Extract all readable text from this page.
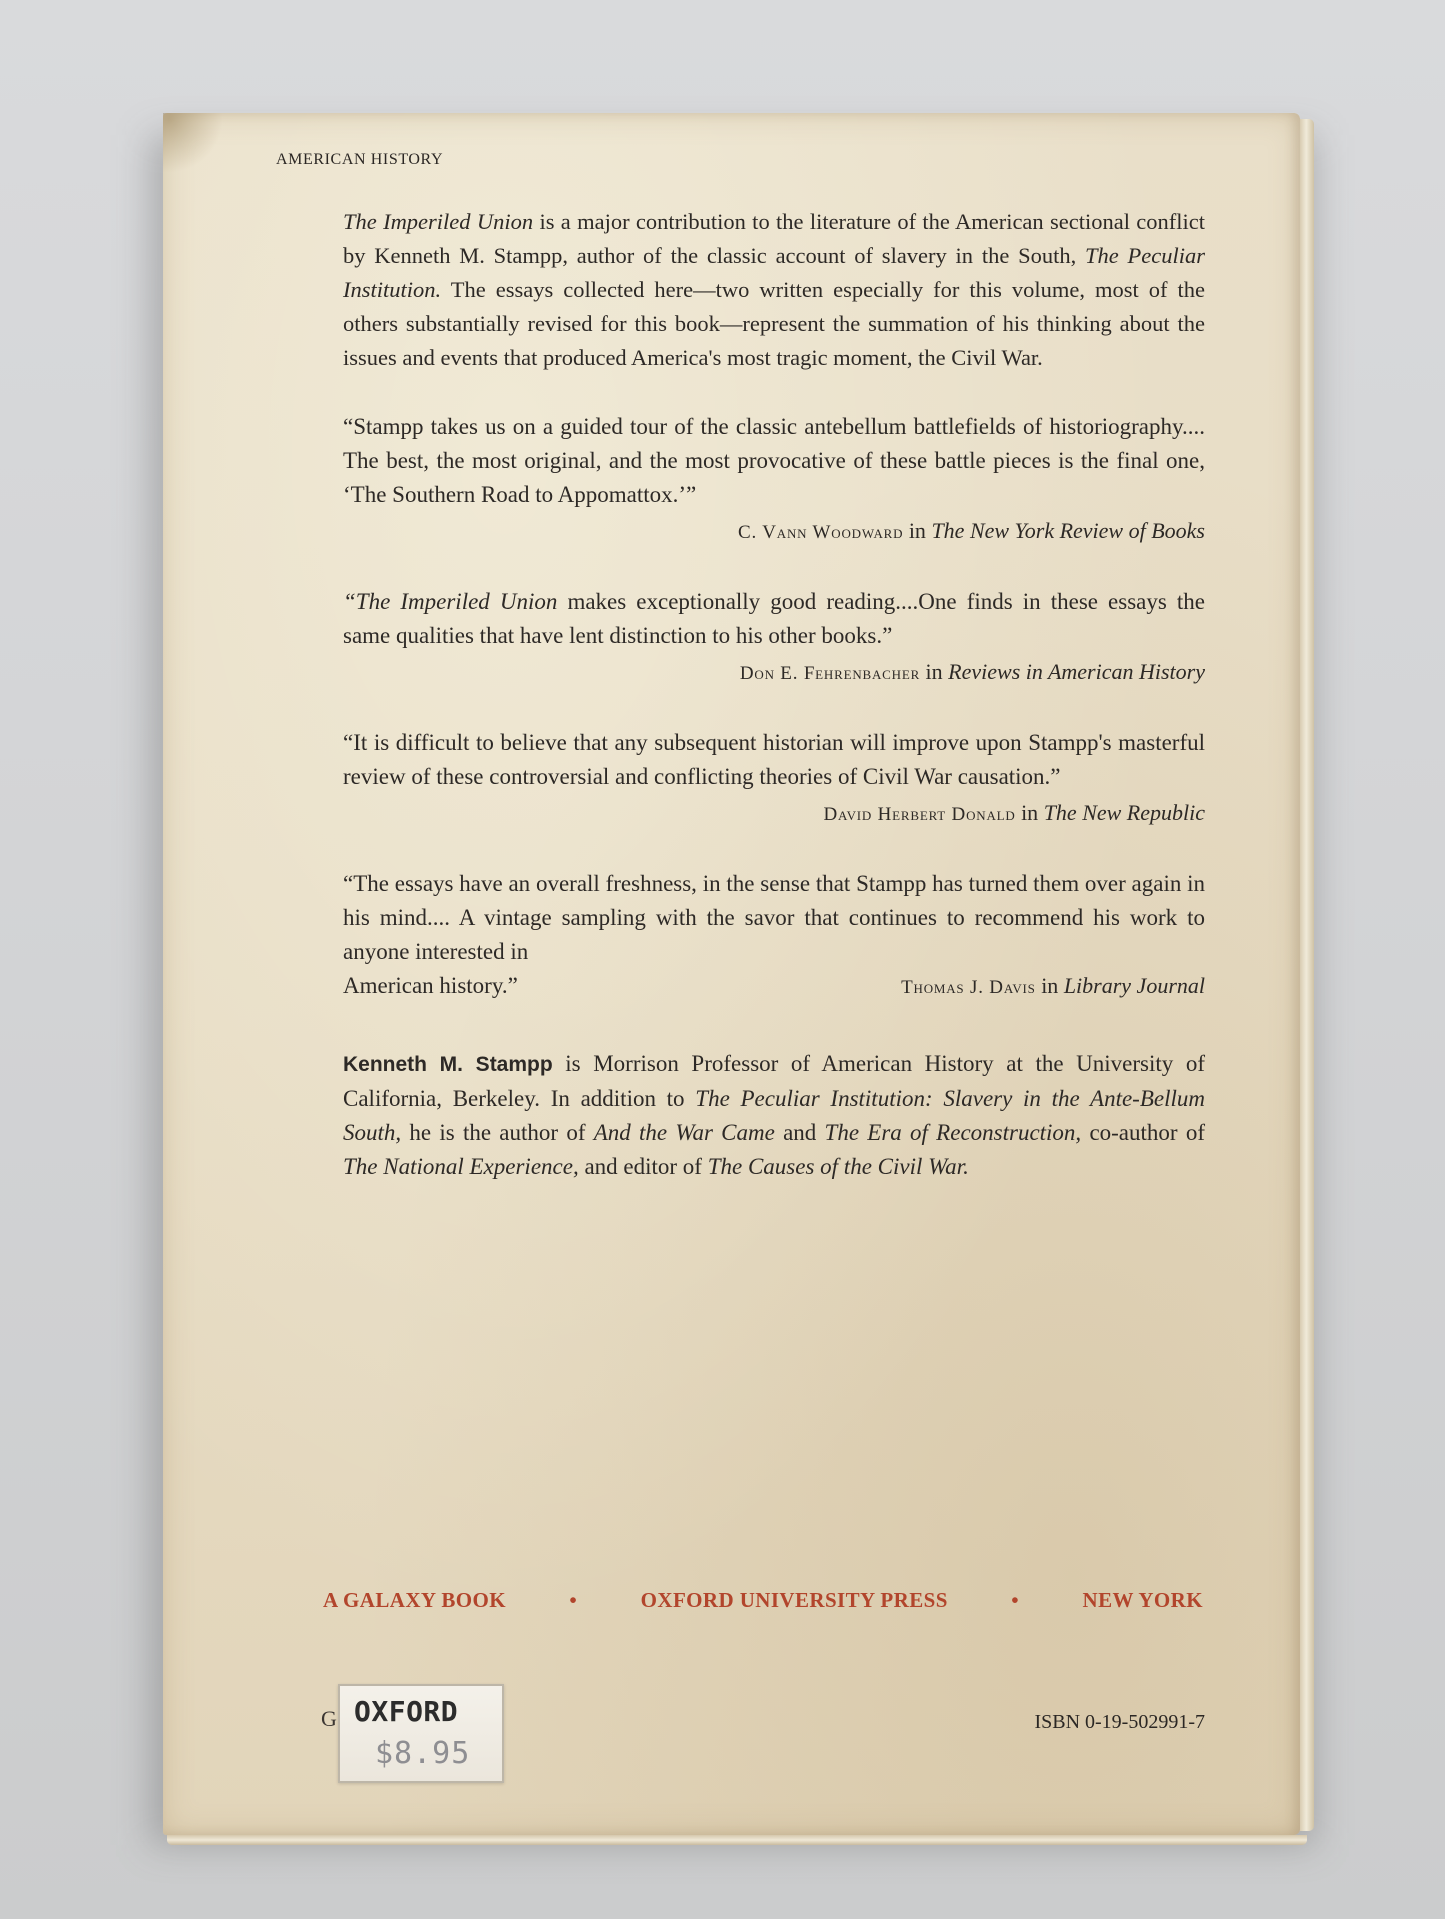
AMERICAN HISTORY

The Imperiled Union is a major contribution to the literature of the American sectional conflict by Kenneth M. Stampp, author of the classic account of slavery in the South, The Peculiar Institution. The essays collected here—two written especially for this volume, most of the others substantially revised for this book—represent the summation of his thinking about the issues and events that produced America's most tragic moment, the Civil War.

“Stampp takes us on a guided tour of the classic antebellum battlefields of historiography.... The best, the most original, and the most provocative of these battle pieces is the final one, ‘The Southern Road to Appomattox.’”

C. Vann Woodward in The New York Review of Books

“The Imperiled Union makes exceptionally good reading....One finds in these essays the same qualities that have lent distinction to his other books.”

Don E. Fehrenbacher in Reviews in American History

“It is difficult to believe that any subsequent historian will improve upon Stampp's masterful review of these controversial and conflicting theories of Civil War causation.”

David Herbert Donald in The New Republic

“The essays have an overall freshness, in the sense that Stampp has turned them over again in his mind.... A vintage sampling with the savor that continues to recommend his work to anyone interested in

American history.”	Thomas J. Davis in Library Journal

Kenneth M. Stampp is Morrison Professor of American History at the University of California, Berkeley. In addition to The Peculiar Institution: Slavery in the Ante-Bellum South, he is the author of And the War Came and The Era of Reconstruction, co-author of The National Experience, and editor of The Causes of the Civil War.

A GALAXY BOOK	•	OXFORD UNIVERSITY PRESS	•	NEW YORK
G OXFORD
$8.95
ISBN 0-19-502991-7
